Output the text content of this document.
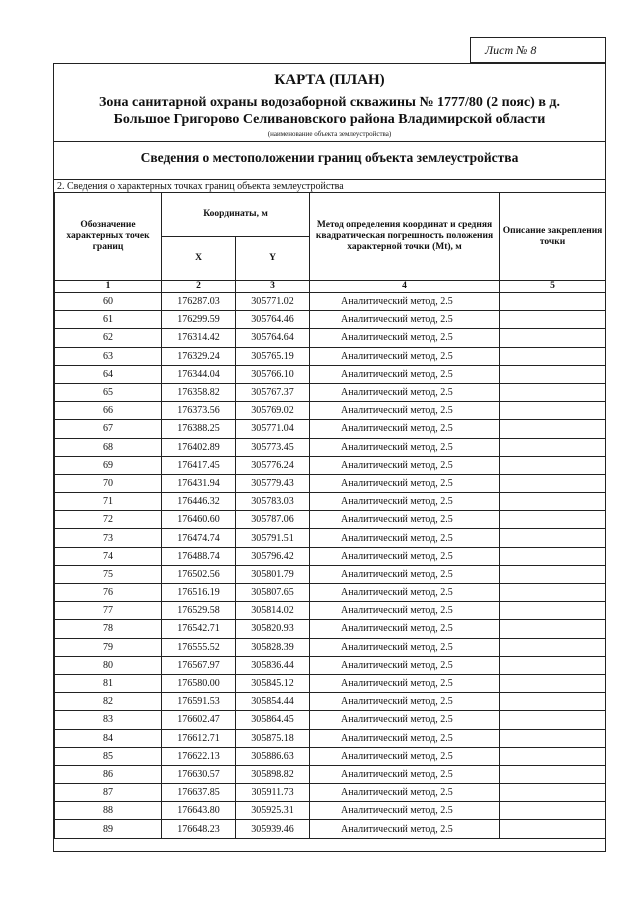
Лист № 8
КАРТА (ПЛАН)
Зона санитарной охраны водозаборной скважины № 1777/80 (2 пояс) в д.
Большое Григорово Селивановского района Владимирской области
(наименование объекта землеустройства)
Сведения о местоположении границ объекта землеустройства
2. Сведения о характерных точках границ объекта землеустройства
Обозначение характерных точек границ	Координаты, м		Метод определения координат и средняя квадратическая погрешность положения характерной точки (Mt), м	Описание закрепления точки
	X	Y		
1	2	3	4	5
60	176287.03	305771.02	Аналитический метод, 2.5	
61	176299.59	305764.46	Аналитический метод, 2.5	
62	176314.42	305764.64	Аналитический метод, 2.5	
63	176329.24	305765.19	Аналитический метод, 2.5	
64	176344.04	305766.10	Аналитический метод, 2.5	
65	176358.82	305767.37	Аналитический метод, 2.5	
66	176373.56	305769.02	Аналитический метод, 2.5	
67	176388.25	305771.04	Аналитический метод, 2.5	
68	176402.89	305773.45	Аналитический метод, 2.5	
69	176417.45	305776.24	Аналитический метод, 2.5	
70	176431.94	305779.43	Аналитический метод, 2.5	
71	176446.32	305783.03	Аналитический метод, 2.5	
72	176460.60	305787.06	Аналитический метод, 2.5	
73	176474.74	305791.51	Аналитический метод, 2.5	
74	176488.74	305796.42	Аналитический метод, 2.5	
75	176502.56	305801.79	Аналитический метод, 2.5	
76	176516.19	305807.65	Аналитический метод, 2.5	
77	176529.58	305814.02	Аналитический метод, 2.5	
78	176542.71	305820.93	Аналитический метод, 2.5	
79	176555.52	305828.39	Аналитический метод, 2.5	
80	176567.97	305836.44	Аналитический метод, 2.5	
81	176580.00	305845.12	Аналитический метод, 2.5	
82	176591.53	305854.44	Аналитический метод, 2.5	
83	176602.47	305864.45	Аналитический метод, 2.5	
84	176612.71	305875.18	Аналитический метод, 2.5	
85	176622.13	305886.63	Аналитический метод, 2.5	
86	176630.57	305898.82	Аналитический метод, 2.5	
87	176637.85	305911.73	Аналитический метод, 2.5	
88	176643.80	305925.31	Аналитический метод, 2.5	
89	176648.23	305939.46	Аналитический метод, 2.5	
